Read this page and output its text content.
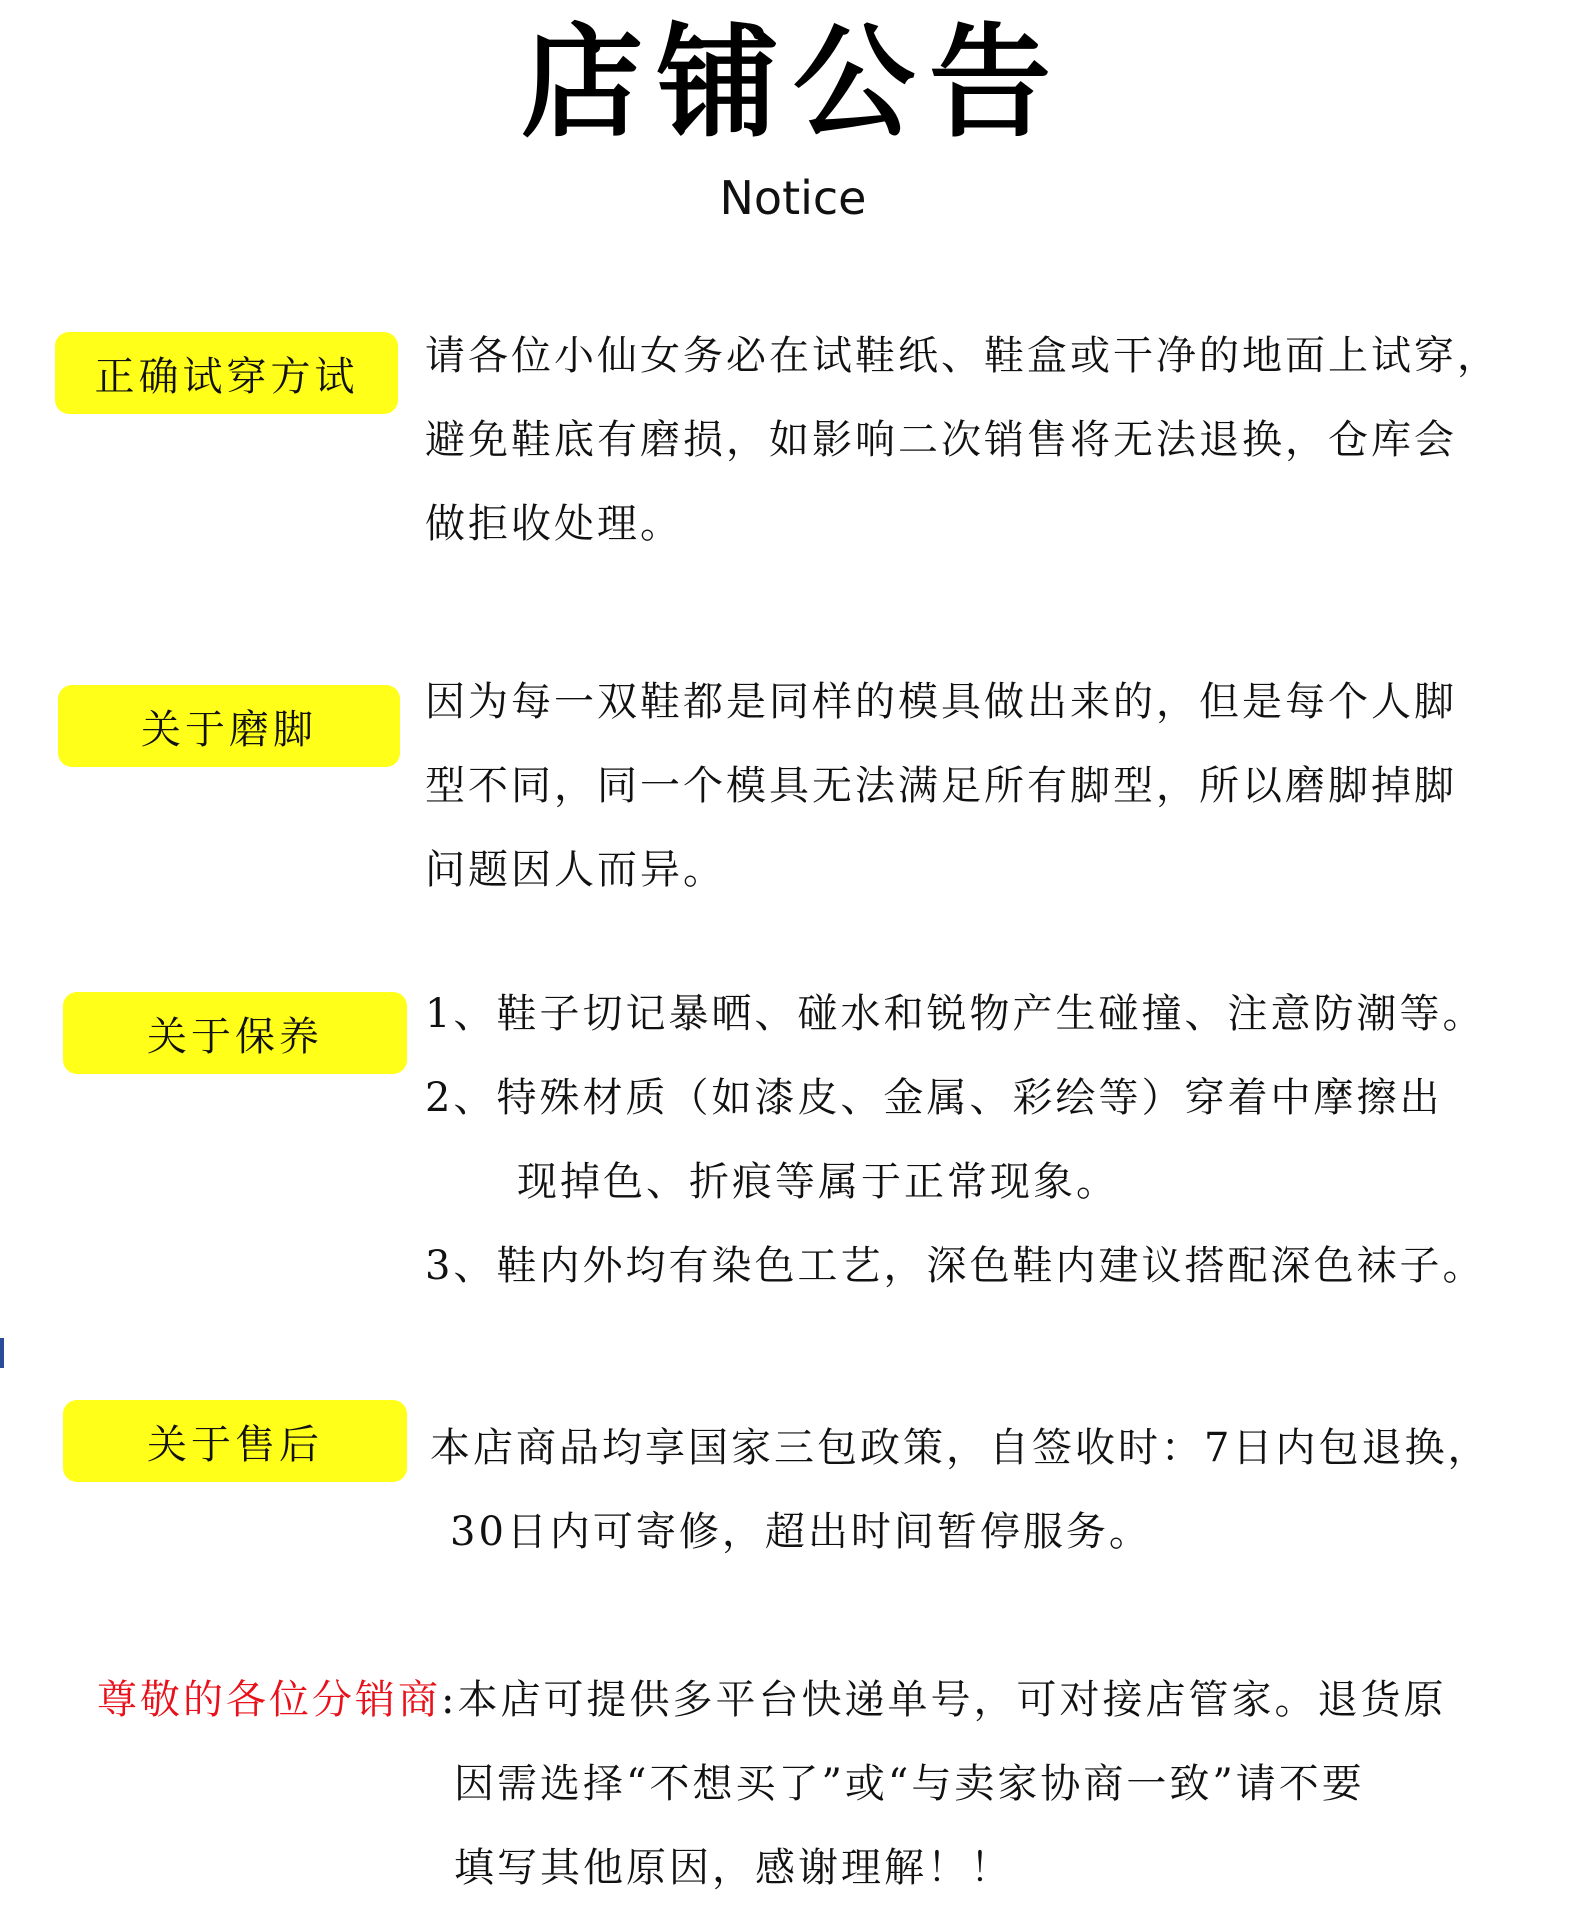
店铺公告
Notice
正确试穿方试	请各位小仙女务必在试鞋纸、鞋盒或干净的地面上试穿，
避免鞋底有磨损，如影响二次销售将无法退换，仓库会
做拒收处理。
关于磨脚
因为每一双鞋都是同样的模具做出来的，但是每个人脚
型不同，同一个模具无法满足所有脚型，所以磨脚掉脚
问题因人而异。
关于保养	1、鞋子切记暴晒、碰水和锐物产生碰撞、注意防潮等。
2、特殊材质（如漆皮、金属、彩绘等）穿着中摩擦出
现掉色、折痕等属于正常现象。
3、鞋内外均有染色工艺，深色鞋内建议搭配深色袜子。
关于售后	本店商品均享国家三包政策，自签收时：7日内包退换，
30日内可寄修，超出时间暂停服务。
尊敬的各位分销商:本店可提供多平台快递单号，可对接店管家。退货原
因需选择“不想买了”或“与卖家协商一致”请不要
填写其他原因，感谢理解！！
